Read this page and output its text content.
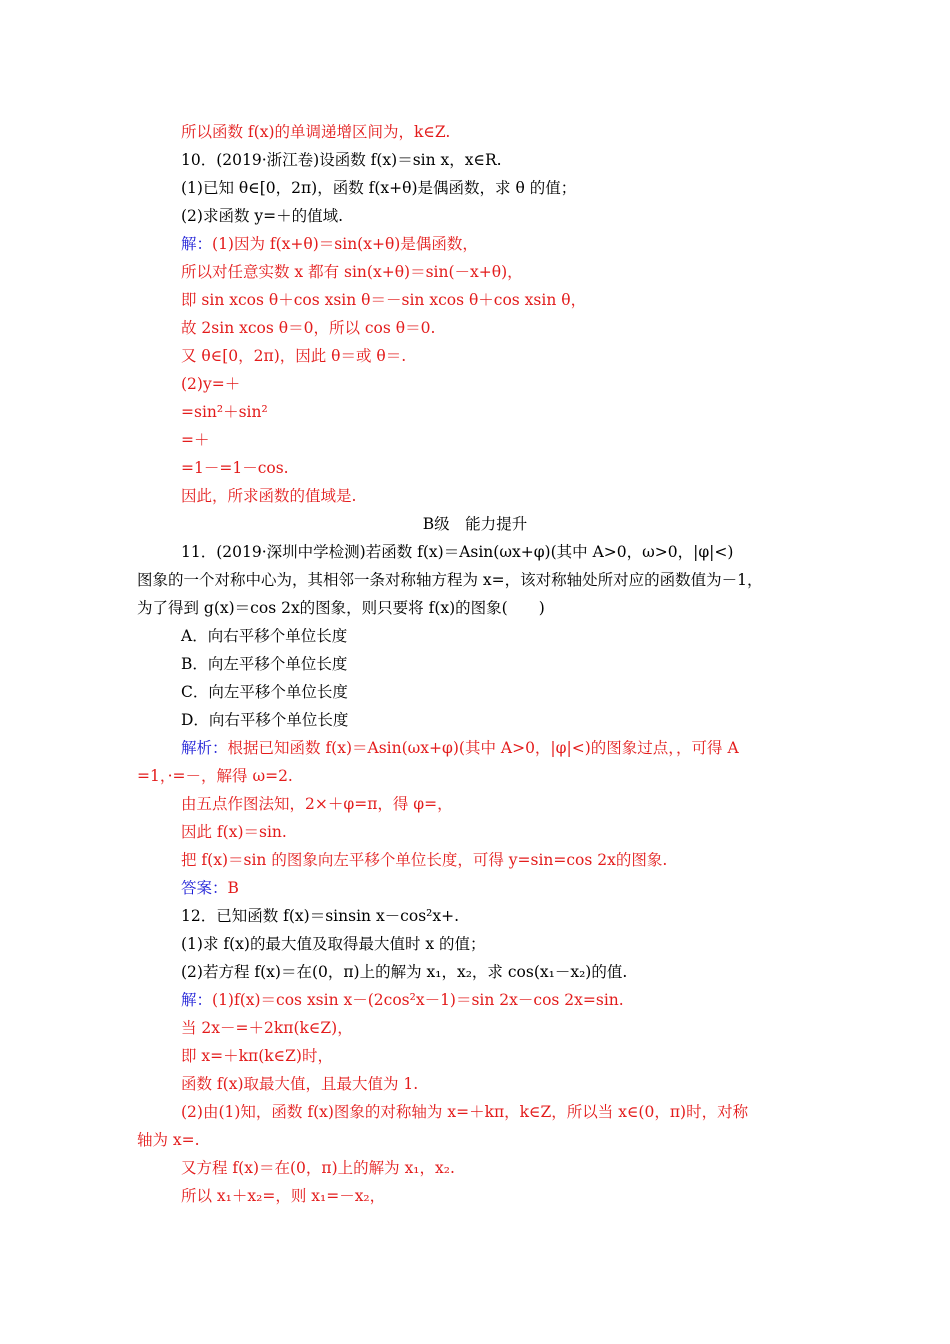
所以函数 f(x)的单调递增区间为，k∈Z.
10．(2019·浙江卷)设函数 f(x)＝sin x，x∈R.
(1)已知 θ∈[0，2π)，函数 f(x+θ)是偶函数，求 θ 的值；
(2)求函数 y=＋的值域.
解：(1)因为 f(x+θ)＝sin(x+θ)是偶函数，
所以对任意实数 x 都有 sin(x+θ)＝sin(－x+θ)，
即 sin xcos θ＋cos xsin θ＝－sin xcos θ＋cos xsin θ，
故 2sin xcos θ＝0，所以 cos θ＝0.
又 θ∈[0，2π)，因此 θ＝或 θ＝.
(2)y=＋
=sin²＋sin²
=＋
=1－=1－cos.
因此，所求函数的值域是.
B级　能力提升
11．(2019·深圳中学检测)若函数 f(x)＝Asin(ωx+φ)(其中 A>0，ω>0，|φ|<)
图象的一个对称中心为，其相邻一条对称轴方程为 x=，该对称轴处所对应的函数值为－1，
为了得到 g(x)＝cos 2x的图象，则只要将 f(x)的图象(　　)
A．向右平移个单位长度
B．向左平移个单位长度
C．向左平移个单位长度
D．向右平移个单位长度
解析：根据已知函数 f(x)＝Asin(ωx+φ)(其中 A>0，|φ|<)的图象过点，，可得 A
=1，·=－，解得 ω=2.
由五点作图法知，2×＋φ=π，得 φ=，
因此 f(x)＝sin.
把 f(x)＝sin 的图象向左平移个单位长度，可得 y=sin=cos 2x的图象.
答案：B
12．已知函数 f(x)＝sinsin x－cos²x+.
(1)求 f(x)的最大值及取得最大值时 x 的值；
(2)若方程 f(x)＝在(0，π)上的解为 x₁，x₂，求 cos(x₁－x₂)的值.
解：(1)f(x)＝cos xsin x－(2cos²x－1)＝sin 2x－cos 2x=sin.
当 2x－=＋2kπ(k∈Z)，
即 x=＋kπ(k∈Z)时，
函数 f(x)取最大值，且最大值为 1.
(2)由(1)知，函数 f(x)图象的对称轴为 x=＋kπ，k∈Z，所以当 x∈(0，π)时，对称
轴为 x=.
又方程 f(x)＝在(0，π)上的解为 x₁，x₂.
所以 x₁＋x₂=，则 x₁=－x₂，
